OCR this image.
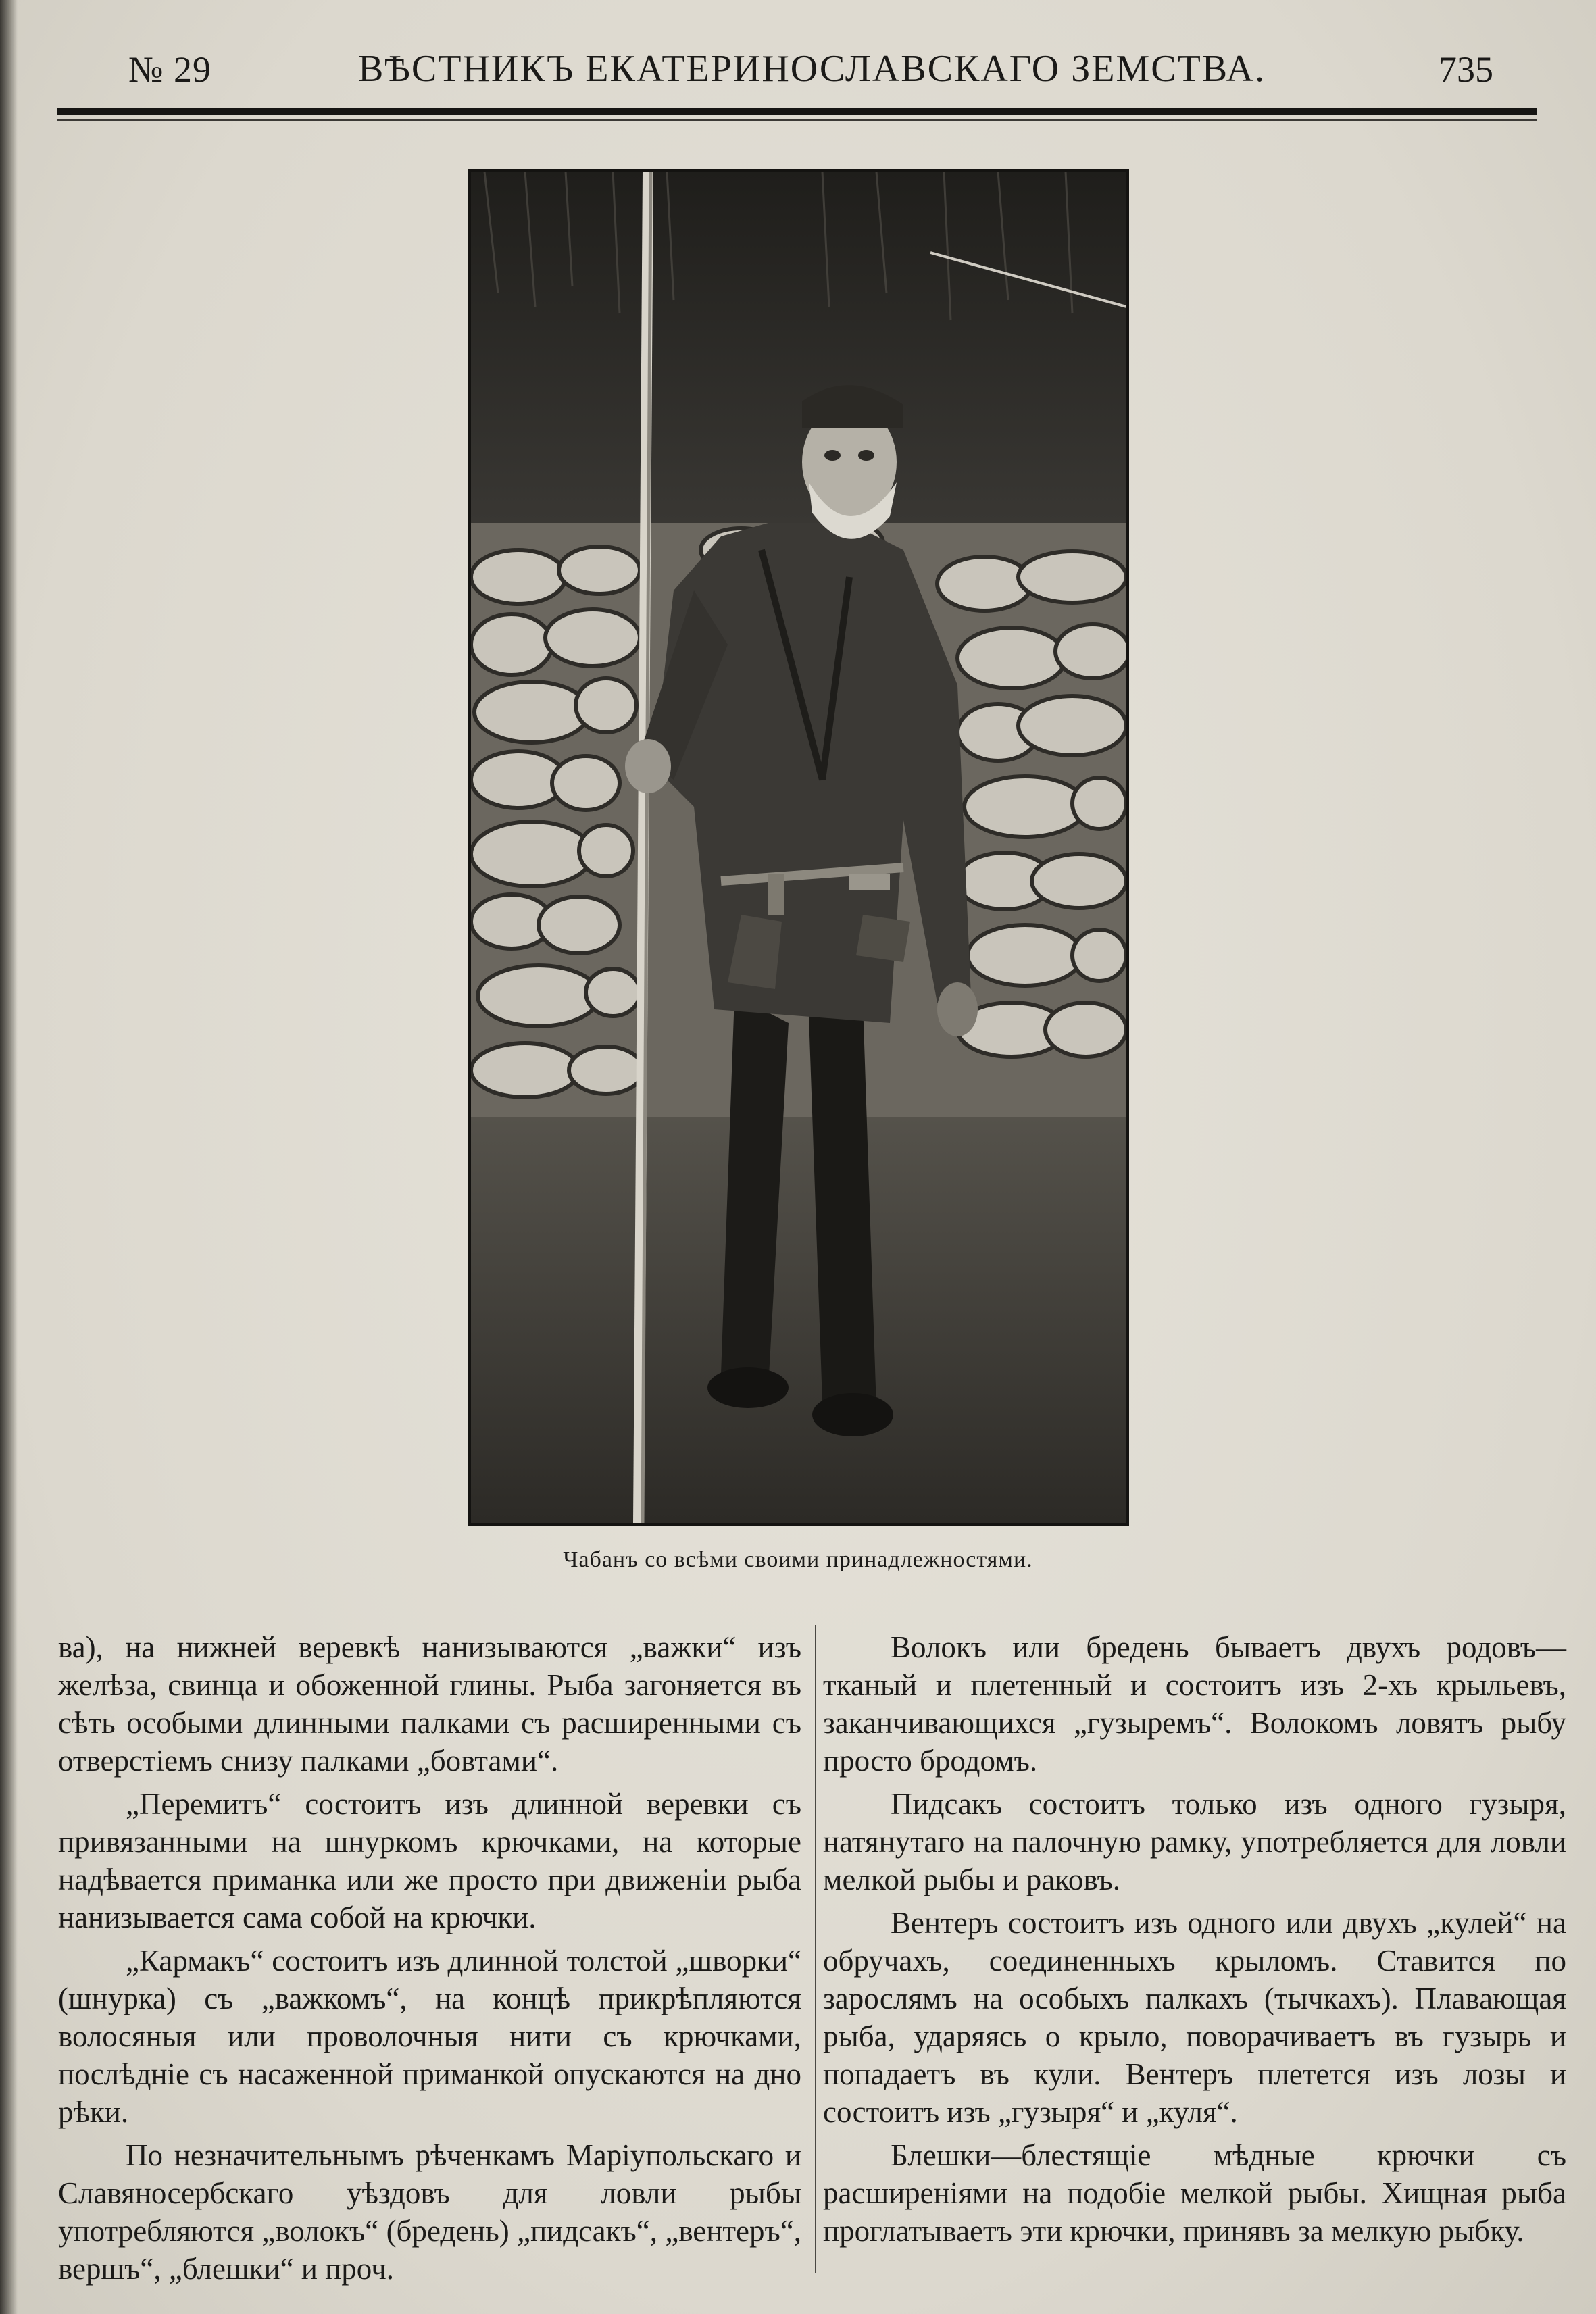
№ 29	ВѢСТНИКЪ ЕКАТЕРИНОСЛАВСКАГО ЗЕМСТВА.	735
Чабанъ со всѣми своими принадлежностями.

ва), на нижней веревкѣ нанизываются „важки“ изъ желѣза, свинца и обоженной глины. Рыба загоняется въ сѣть особыми длинными палками съ расширенными съ отверстіемъ снизу палками „бовтами“.

„Перемитъ“ состоитъ изъ длинной веревки съ привязанными на шнуркомъ крючками, на которые надѣвается приманка или же просто при движеніи рыба нанизывается сама собой на крючки.

„Кармакъ“ состоитъ изъ длинной толстой „шворки“ (шнурка) съ „важкомъ“, на концѣ прикрѣпляются волосяныя или проволочныя нити съ крючками, послѣдніе съ насаженной приманкой опускаются на дно рѣки.

По незначительнымъ рѣченкамъ Маріупольскаго и Славяносербскаго уѣздовъ для ловли рыбы употребляются „волокъ“ (бредень) „пидсакъ“, „вентеръ“, вершъ“, „блешки“ и проч.

Волокъ или бредень бываетъ двухъ родовъ— тканый и плетенный и состоитъ изъ 2-хъ крыльевъ, заканчивающихся „гузыремъ“. Волокомъ ловятъ рыбу просто бродомъ.

Пидсакъ состоитъ только изъ одного гузыря, натянутаго на палочную рамку, употребляется для ловли мелкой рыбы и раковъ.

Вентеръ состоитъ изъ одного или двухъ „кулей“ на обручахъ, соединенныхъ крыломъ. Ставится по зарослямъ на особыхъ палкахъ (тычкахъ). Плавающая рыба, ударяясь о крыло, поворачиваетъ въ гузырь и попадаетъ въ кули. Вентеръ плетется изъ лозы и состоитъ изъ „гузыря“ и „куля“.

Блешки—блестящіе мѣдные крючки съ расширеніями на подобіе мелкой рыбы. Хищная рыба проглатываетъ эти крючки, принявъ за мелкую рыбку.
